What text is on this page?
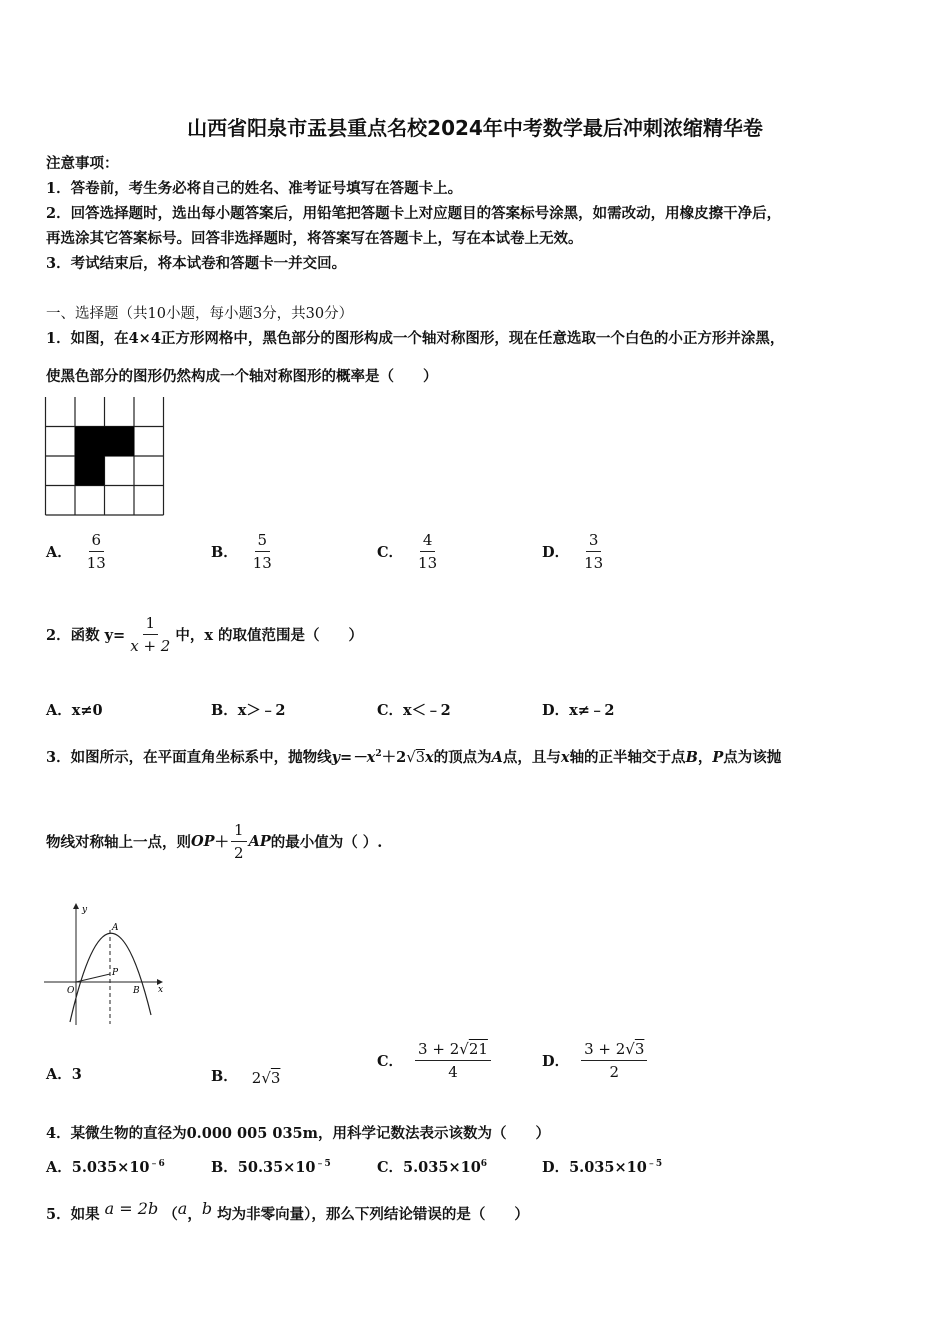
山西省阳泉市盂县重点名校2024年中考数学最后冲刺浓缩精华卷
注意事项：
1．答卷前，考生务必将自己的姓名、准考证号填写在答题卡上。
2．回答选择题时，选出每小题答案后，用铅笔把答题卡上对应题目的答案标号涂黑，如需改动，用橡皮擦干净后，
再选涂其它答案标号。回答非选择题时，将答案写在答题卡上，写在本试卷上无效。
3．考试结束后，将本试卷和答题卡一并交回。
一、选择题（共10小题，每小题3分，共30分）
1．如图，在4×4正方形网格中，黑色部分的图形构成一个轴对称图形，现在任意选取一个白色的小正方形并涂黑，
使黑色部分的图形仍然构成一个轴对称图形的概率是（　　）
A． $\frac{6}{13}$	B． $\frac{5}{13}$	C． $\frac{4}{13}$	D． $\frac{3}{13}$
2．函数 $y= \frac{1}{x + 2}$ 中，x 的取值范围是（　　）
A．x≠0	B．x＞﹣2	C．x＜﹣2	D．x≠﹣2
3．如图所示，在平面直角坐标系中，抛物线$y=-x^2+2√3x$的顶点为A点，且与x轴的正半轴交于点B，P点为该抛
物线对称轴上一点，则 OP ＋ $\frac{1}{2}$ AP 的最小值为（ ）.
y
x
O
A
B
P
A．3	B． 2√3
C． $\frac{3 + 2√21}{4}$	D． $\frac{3 + 2√3}{2}$
4．某微生物的直径为0.000 005 035m，用科学记数法表示该数为（　　）
A．$5.035\times 10^{﹣6}$	B．$50.35\times 10^{﹣5}$	C．$5.035\times 10^6$	D．$5.035\times 10^{﹣5}$
5．如果 a = 2b （a，b 均为非零向量），那么下列结论错误的是（　　）
